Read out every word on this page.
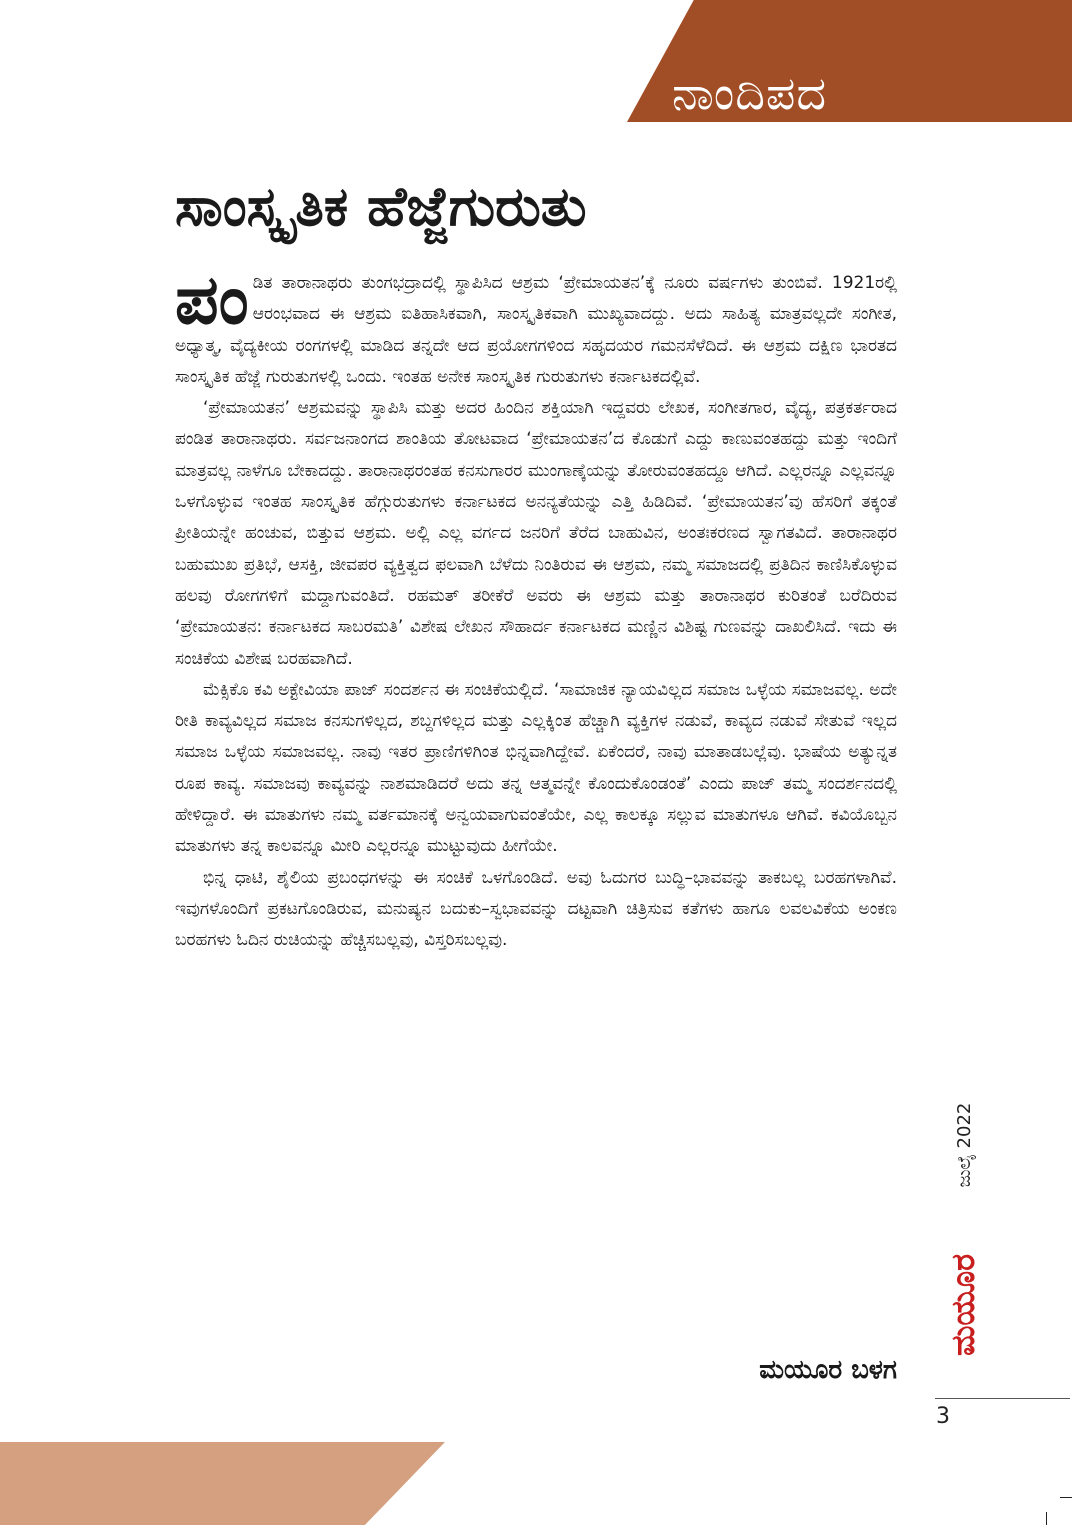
ನಾಂದಿಪದ
ಸಾಂಸ್ಕೃತಿಕ ಹೆಜ್ಜೆಗುರುತು

ಪಂಡಿತ ತಾರಾನಾಥರು ತುಂಗಭದ್ರಾದಲ್ಲಿ ಸ್ಥಾಪಿಸಿದ ಆಶ್ರಮ ‘ಪ್ರೇಮಾಯತನ’ಕ್ಕೆ ನೂರು ವರ್ಷಗಳು ತುಂಬಿವೆ. 1921ರಲ್ಲಿ ಆರಂಭವಾದ ಈ ಆಶ್ರಮ ಐತಿಹಾಸಿಕವಾಗಿ, ಸಾಂಸ್ಕೃತಿಕವಾಗಿ ಮುಖ್ಯವಾದದ್ದು. ಅದು ಸಾಹಿತ್ಯ ಮಾತ್ರವಲ್ಲದೇ ಸಂಗೀತ, ಅಧ್ಯಾತ್ಮ, ವೈದ್ಯಕೀಯ ರಂಗಗಳಲ್ಲಿ ಮಾಡಿದ ತನ್ನದೇ ಆದ ಪ್ರಯೋಗಗಳಿಂದ ಸಹೃದಯರ ಗಮನಸೆಳೆದಿದೆ. ಈ ಆಶ್ರಮ ದಕ್ಷಿಣ ಭಾರತದ ಸಾಂಸ್ಕೃತಿಕ ಹೆಜ್ಜೆ ಗುರುತುಗಳಲ್ಲಿ ಒಂದು. ಇಂತಹ ಅನೇಕ ಸಾಂಸ್ಕೃತಿಕ ಗುರುತುಗಳು ಕರ್ನಾಟಕದಲ್ಲಿವೆ.

‘ಪ್ರೇಮಾಯತನ’ ಆಶ್ರಮವನ್ನು ಸ್ಥಾಪಿಸಿ ಮತ್ತು ಅದರ ಹಿಂದಿನ ಶಕ್ತಿಯಾಗಿ ಇದ್ದವರು ಲೇಖಕ, ಸಂಗೀತಗಾರ, ವೈದ್ಯ, ಪತ್ರಕರ್ತರಾದ ಪಂಡಿತ ತಾರಾನಾಥರು. ಸರ್ವಜನಾಂಗದ ಶಾಂತಿಯ ತೋಟವಾದ ‘ಪ್ರೇಮಾಯತನ’ದ ಕೊಡುಗೆ ಎದ್ದು ಕಾಣುವಂತಹದ್ದು ಮತ್ತು ಇಂದಿಗೆ ಮಾತ್ರವಲ್ಲ ನಾಳೆಗೂ ಬೇಕಾದದ್ದು. ತಾರಾನಾಥರಂತಹ ಕನಸುಗಾರರ ಮುಂಗಾಣ್ಕೆಯನ್ನು ತೋರುವಂತಹದ್ದೂ ಆಗಿದೆ. ಎಲ್ಲರನ್ನೂ ಎಲ್ಲವನ್ನೂ ಒಳಗೊಳ್ಳುವ ಇಂತಹ ಸಾಂಸ್ಕೃತಿಕ ಹೆಗ್ಗುರುತುಗಳು ಕರ್ನಾಟಕದ ಅನನ್ಯತೆಯನ್ನು ಎತ್ತಿ ಹಿಡಿದಿವೆ. ‘ಪ್ರೇಮಾಯತನ’ವು ಹೆಸರಿಗೆ ತಕ್ಕಂತೆ ಪ್ರೀತಿಯನ್ನೇ ಹಂಚುವ, ಬಿತ್ತುವ ಆಶ್ರಮ. ಅಲ್ಲಿ ಎಲ್ಲ ವರ್ಗದ ಜನರಿಗೆ ತೆರೆದ ಬಾಹುವಿನ, ಅಂತಃಕರಣದ ಸ್ವಾಗತವಿದೆ. ತಾರಾನಾಥರ ಬಹುಮುಖ ಪ್ರತಿಭೆ, ಆಸಕ್ತಿ, ಜೀವಪರ ವ್ಯಕ್ತಿತ್ವದ ಫಲವಾಗಿ ಬೆಳೆದು ನಿಂತಿರುವ ಈ ಆಶ್ರಮ, ನಮ್ಮ ಸಮಾಜದಲ್ಲಿ ಪ್ರತಿದಿನ ಕಾಣಿಸಿಕೊಳ್ಳುವ ಹಲವು ರೋಗಗಳಿಗೆ ಮದ್ದಾಗುವಂತಿದೆ. ರಹಮತ್ ತರೀಕೆರೆ ಅವರು ಈ ಆಶ್ರಮ ಮತ್ತು ತಾರಾನಾಥರ ಕುರಿತಂತೆ ಬರೆದಿರುವ ‘ಪ್ರೇಮಾಯತನ: ಕರ್ನಾಟಕದ ಸಾಬರಮತಿ’ ವಿಶೇಷ ಲೇಖನ ಸೌಹಾರ್ದ ಕರ್ನಾಟಕದ ಮಣ್ಣಿನ ವಿಶಿಷ್ಟ ಗುಣವನ್ನು ದಾಖಲಿಸಿದೆ. ಇದು ಈ ಸಂಚಿಕೆಯ ವಿಶೇಷ ಬರಹವಾಗಿದೆ.

ಮೆಕ್ಸಿಕೊ ಕವಿ ಅಕ್ಟೇವಿಯಾ ಪಾಜ್ ಸಂದರ್ಶನ ಈ ಸಂಚಿಕೆಯಲ್ಲಿದೆ. ‘ಸಾಮಾಜಿಕ ನ್ಯಾಯವಿಲ್ಲದ ಸಮಾಜ ಒಳ್ಳೆಯ ಸಮಾಜವಲ್ಲ. ಅದೇ ರೀತಿ ಕಾವ್ಯವಿಲ್ಲದ ಸಮಾಜ ಕನಸುಗಳಿಲ್ಲದ, ಶಬ್ದಗಳಿಲ್ಲದ ಮತ್ತು ಎಲ್ಲಕ್ಕಿಂತ ಹೆಚ್ಚಾಗಿ ವ್ಯಕ್ತಿಗಳ ನಡುವೆ, ಕಾವ್ಯದ ನಡುವೆ ಸೇತುವೆ ಇಲ್ಲದ ಸಮಾಜ ಒಳ್ಳೆಯ ಸಮಾಜವಲ್ಲ. ನಾವು ಇತರ ಪ್ರಾಣಿಗಳಿಗಿಂತ ಭಿನ್ನವಾಗಿದ್ದೇವೆ. ಏಕೆಂದರೆ, ನಾವು ಮಾತಾಡಬಲ್ಲೆವು. ಭಾಷೆಯ ಅತ್ಯುನ್ನತ ರೂಪ ಕಾವ್ಯ. ಸಮಾಜವು ಕಾವ್ಯವನ್ನು ನಾಶಮಾಡಿದರೆ ಅದು ತನ್ನ ಆತ್ಮವನ್ನೇ ಕೊಂದುಕೊಂಡಂತೆ’ ಎಂದು ಪಾಜ್ ತಮ್ಮ ಸಂದರ್ಶನದಲ್ಲಿ ಹೇಳಿದ್ದಾರೆ. ಈ ಮಾತುಗಳು ನಮ್ಮ ವರ್ತಮಾನಕ್ಕೆ ಅನ್ವಯವಾಗುವಂತೆಯೇ, ಎಲ್ಲ ಕಾಲಕ್ಕೂ ಸಲ್ಲುವ ಮಾತುಗಳೂ ಆಗಿವೆ. ಕವಿಯೊಬ್ಬನ ಮಾತುಗಳು ತನ್ನ ಕಾಲವನ್ನೂ ಮೀರಿ ಎಲ್ಲರನ್ನೂ ಮುಟ್ಟುವುದು ಹೀಗೆಯೇ.

ಭಿನ್ನ ಧಾಟಿ, ಶೈಲಿಯ ಪ್ರಬಂಧಗಳನ್ನು ಈ ಸಂಚಿಕೆ ಒಳಗೊಂಡಿದೆ. ಅವು ಓದುಗರ ಬುದ್ಧಿ–ಭಾವವನ್ನು ತಾಕಬಲ್ಲ ಬರಹಗಳಾಗಿವೆ. ಇವುಗಳೊಂದಿಗೆ ಪ್ರಕಟಗೊಂಡಿರುವ, ಮನುಷ್ಯನ ಬದುಕು–ಸ್ವಭಾವವನ್ನು ದಟ್ಟವಾಗಿ ಚಿತ್ರಿಸುವ ಕತೆಗಳು ಹಾಗೂ ಲವಲವಿಕೆಯ ಅಂಕಣ ಬರಹಗಳು ಓದಿನ ರುಚಿಯನ್ನು ಹೆಚ್ಚಿಸಬಲ್ಲವು, ವಿಸ್ತರಿಸಬಲ್ಲವು.

ಮಯೂರ ಬಳಗ
ಜುಲೈ 2022
ಮಯೂರ
3
